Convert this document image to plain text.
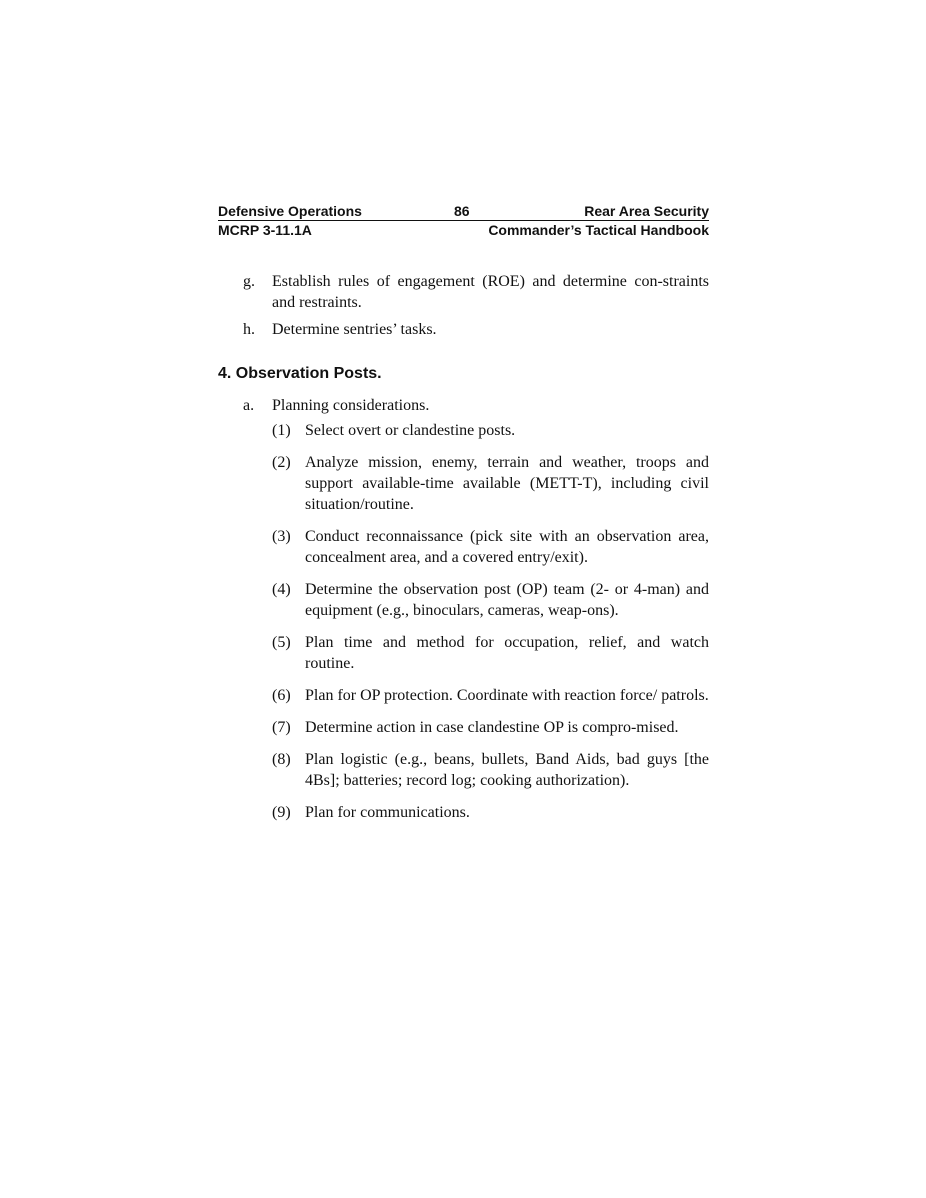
Defensive Operations	86	Rear Area Security
MCRP 3-11.1A	Commander’s Tactical Handbook
g. Establish rules of engagement (ROE) and determine con-straints and restraints.
h. Determine sentries’ tasks.
4. Observation Posts.
a. Planning considerations.
(1) Select overt or clandestine posts.
(2) Analyze mission, enemy, terrain and weather, troops and support available-time available (METT-T), including civil situation/routine.
(3) Conduct reconnaissance (pick site with an observation area, concealment area, and a covered entry/exit).
(4) Determine the observation post (OP) team (2- or 4-man) and equipment (e.g., binoculars, cameras, weap-ons).
(5) Plan time and method for occupation, relief, and watch routine.
(6) Plan for OP protection. Coordinate with reaction force/ patrols.
(7) Determine action in case clandestine OP is compro-mised.
(8) Plan logistic (e.g., beans, bullets, Band Aids, bad guys [the 4Bs]; batteries; record log; cooking authorization).
(9) Plan for communications.
